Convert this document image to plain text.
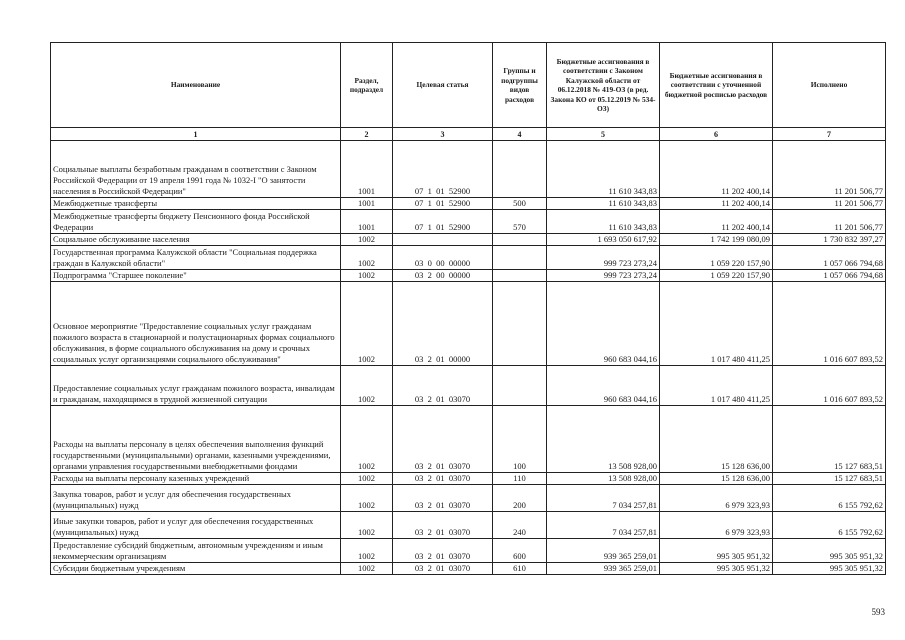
Наименование	Раздел, подраздел	Целевая статья	Группы и подгруппы видов расходов	Бюджетные ассигнования в соответствии с Законом Калужской области от 06.12.2018 № 419-ОЗ (в ред. Закона КО от 05.12.2019 № 534-ОЗ)	Бюджетные ассигнования в соответствии с уточненной бюджетной росписью расходов	Исполнено
1	2	3	4	5	6	7
Социальные выплаты безработным гражданам в соответствии с Законом Российской Федерации от 19 апреля 1991 года № 1032-I "О занятости населения в Российской Федерации"	1001	07  1  01  52900		11 610 343,83	11 202 400,14	11 201 506,77
Межбюджетные трансферты	1001	07  1  01  52900	500	11 610 343,83	11 202 400,14	11 201 506,77
Межбюджетные трансферты бюджету Пенсионного фонда Российской Федерации	1001	07  1  01  52900	570	11 610 343,83	11 202 400,14	11 201 506,77
Социальное обслуживание населения	1002			1 693 050 617,92	1 742 199 080,09	1 730 832 397,27
Государственная программа Калужской области "Социальная поддержка граждан в Калужской области"	1002	03  0  00  00000		999 723 273,24	1 059 220 157,90	1 057 066 794,68
Подпрограмма "Старшее поколение"	1002	03  2  00  00000		999 723 273,24	1 059 220 157,90	1 057 066 794,68
Основное мероприятие "Предоставление социальных услуг гражданам пожилого возраста в стационарной и полустационарных формах социального обслуживания, в форме социального обслуживания на дому и срочных социальных услуг организациями социального обслуживания"	1002	03  2  01  00000		960 683 044,16	1 017 480 411,25	1 016 607 893,52
Предоставление социальных услуг гражданам пожилого возраста, инвалидам и гражданам, находящимся в трудной жизненной ситуации	1002	03  2  01  03070		960 683 044,16	1 017 480 411,25	1 016 607 893,52
Расходы на выплаты персоналу в целях обеспечения выполнения функций государственными (муниципальными) органами, казенными учреждениями, органами управления государственными внебюджетными фондами	1002	03  2  01  03070	100	13 508 928,00	15 128 636,00	15 127 683,51
Расходы на выплаты персоналу казенных учреждений	1002	03  2  01  03070	110	13 508 928,00	15 128 636,00	15 127 683,51
Закупка товаров, работ и услуг для обеспечения государственных (муниципальных) нужд	1002	03  2  01  03070	200	7 034 257,81	6 979 323,93	6 155 792,62
Иные закупки товаров, работ и услуг для обеспечения государственных (муниципальных) нужд	1002	03  2  01  03070	240	7 034 257,81	6 979 323,93	6 155 792,62
Предоставление субсидий бюджетным, автономным учреждениям и иным некоммерческим организациям	1002	03  2  01  03070	600	939 365 259,01	995 305 951,32	995 305 951,32
Субсидии бюджетным учреждениям	1002	03  2  01  03070	610	939 365 259,01	995 305 951,32	995 305 951,32
593
